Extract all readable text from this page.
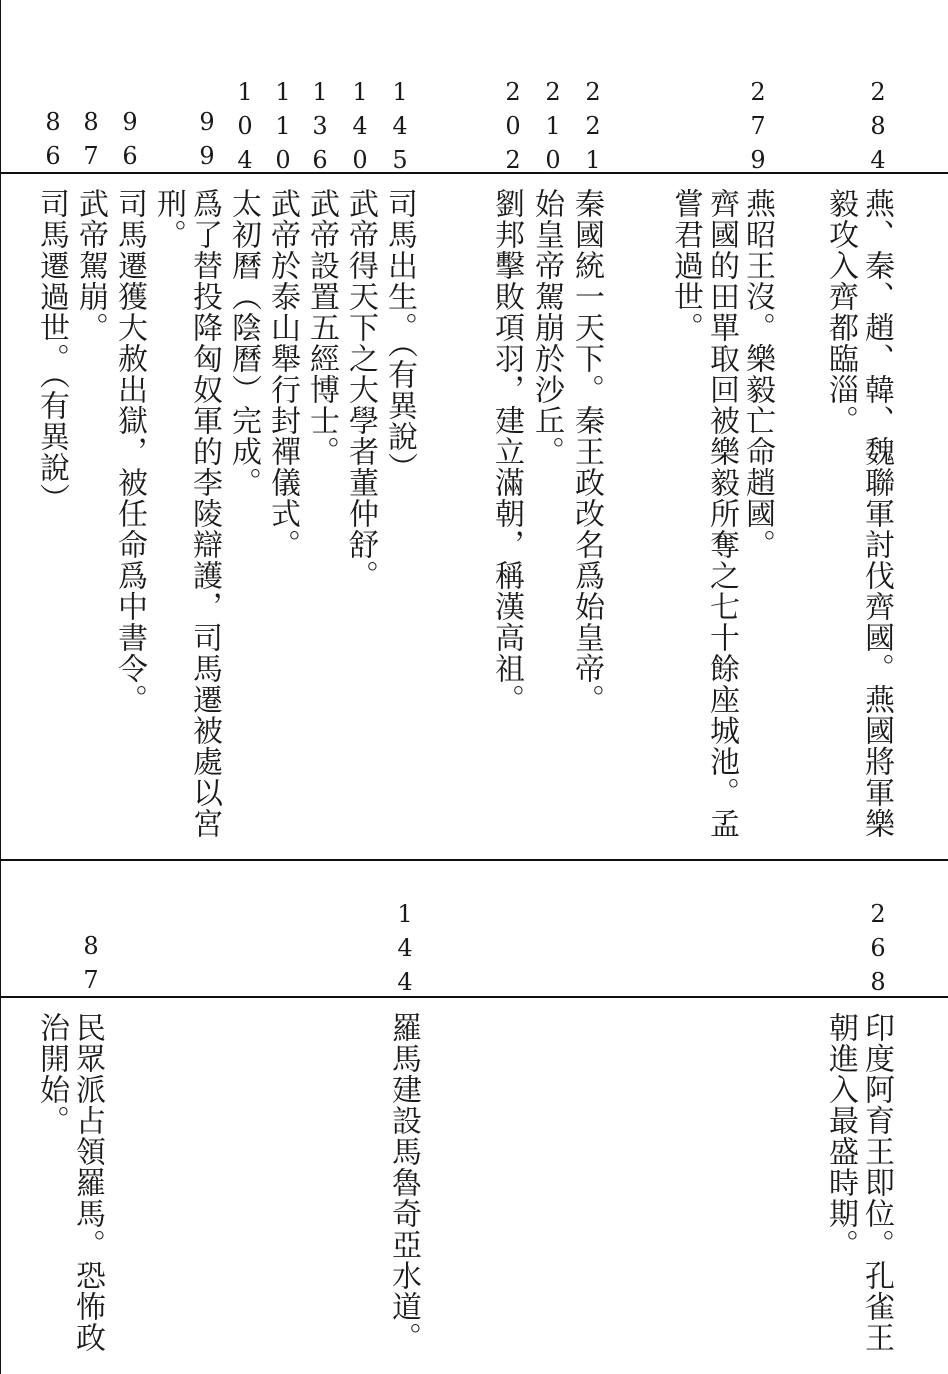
284
279
221
210
202
145
140
136
110
104
99
96
87
86
燕、秦、趙、韓、魏聯軍討伐齊國。燕國將軍樂
毅攻入齊都臨淄。
燕昭王沒。樂毅亡命趙國。
齊國的田單取回被樂毅所奪之七十餘座城池。孟
嘗君過世。
秦國統一天下。秦王政改名爲始皇帝。
始皇帝駕崩於沙丘。
劉邦擊敗項羽，建立滿朝，稱漢高祖。
司馬出生。（有異說）
武帝得天下之大學者董仲舒。
武帝設置五經博士。
武帝於泰山舉行封禪儀式。
太初曆（陰曆）完成。
爲了替投降匈奴軍的李陵辯護，司馬遷被處以宮
刑。
司馬遷獲大赦出獄，被任命爲中書令。
武帝駕崩。
司馬遷過世。（有異說）
268
144
87
印度阿育王即位。孔雀王
朝進入最盛時期。
羅馬建設馬魯奇亞水道。
民眾派占領羅馬。恐怖政
治開始。
